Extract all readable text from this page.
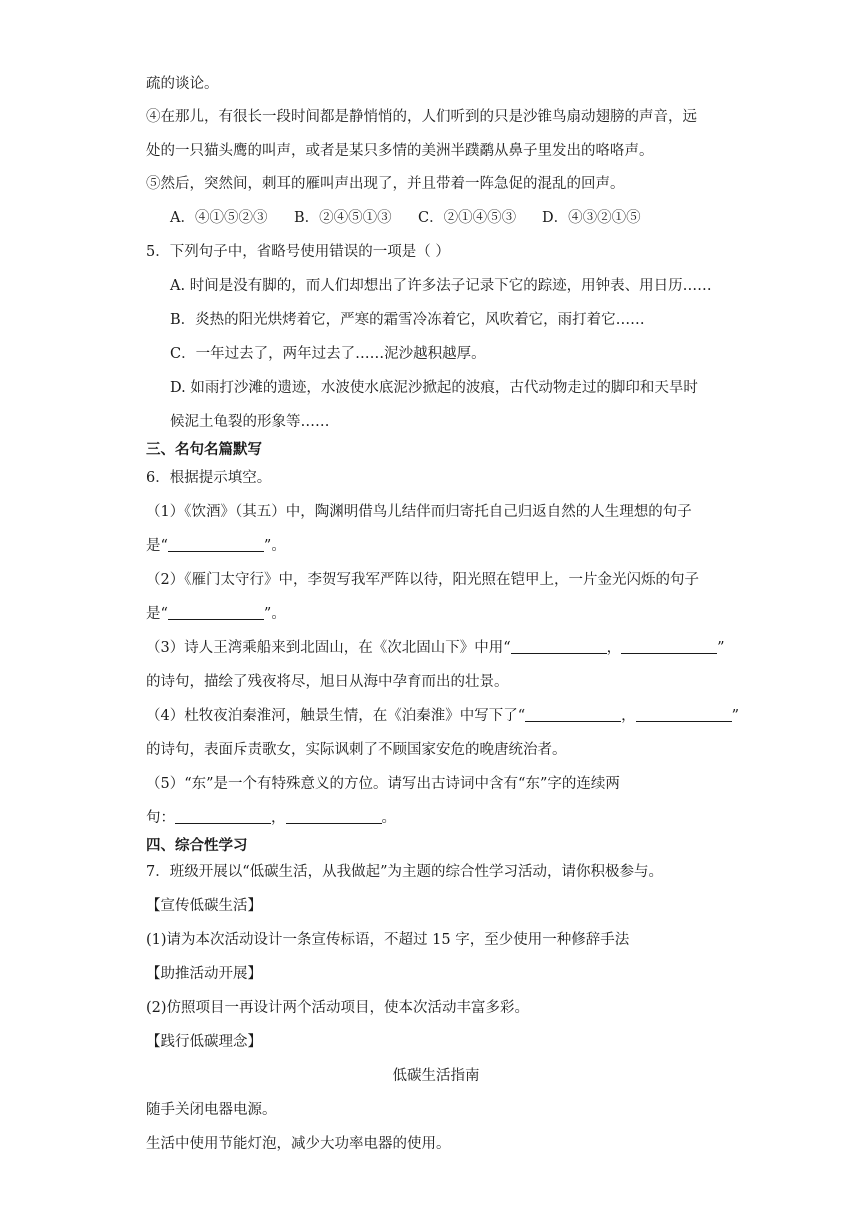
疏的谈论。
④在那儿，有很长一段时间都是静悄悄的，人们听到的只是沙锥鸟扇动翅膀的声音，远
处的一只猫头鹰的叫声，或者是某只多情的美洲半蹼鹬从鼻子里发出的咯咯声。
⑤然后，突然间，刺耳的雁叫声出现了，并且带着一阵急促的混乱的回声。
A．④①⑤②③ B．②④⑤①③ C．②①④⑤③ D．④③②①⑤
5．下列句子中，省略号使用错误的一项是（ ）
A. 时间是没有脚的，而人们却想出了许多法子记录下它的踪迹，用钟表、用日历……
B．炎热的阳光烘烤着它，严寒的霜雪冷冻着它，风吹着它，雨打着它……
C．一年过去了，两年过去了……泥沙越积越厚。
D. 如雨打沙滩的遗迹，水波使水底泥沙掀起的波痕，古代动物走过的脚印和天旱时
候泥土龟裂的形象等……
三、名句名篇默写
6．根据提示填空。
（1）《饮酒》（其五）中，陶渊明借鸟儿结伴而归寄托自己归返自然的人生理想的句子
是“	”。
（2）《雁门太守行》中，李贺写我军严阵以待，阳光照在铠甲上，一片金光闪烁的句子
是“	”。
（3）诗人王湾乘船来到北固山，在《次北固山下》中用“	，	”
的诗句，描绘了残夜将尽，旭日从海中孕育而出的壮景。
（4）杜牧夜泊秦淮河，触景生情，在《泊秦淮》中写下了“	，	”
的诗句，表面斥责歌女，实际讽刺了不顾国家安危的晚唐统治者。
（5）“东”是一个有特殊意义的方位。请写出古诗词中含有“东”字的连续两
句：	，	。
四、综合性学习
7．班级开展以“低碳生活，从我做起”为主题的综合性学习活动，请你积极参与。
【宣传低碳生活】
(1)请为本次活动设计一条宣传标语，不超过 15 字，至少使用一种修辞手法
【助推活动开展】
(2)仿照项目一再设计两个活动项目，使本次活动丰富多彩。
【践行低碳理念】
低碳生活指南
随手关闭电器电源。
生活中使用节能灯泡，减少大功率电器的使用。
